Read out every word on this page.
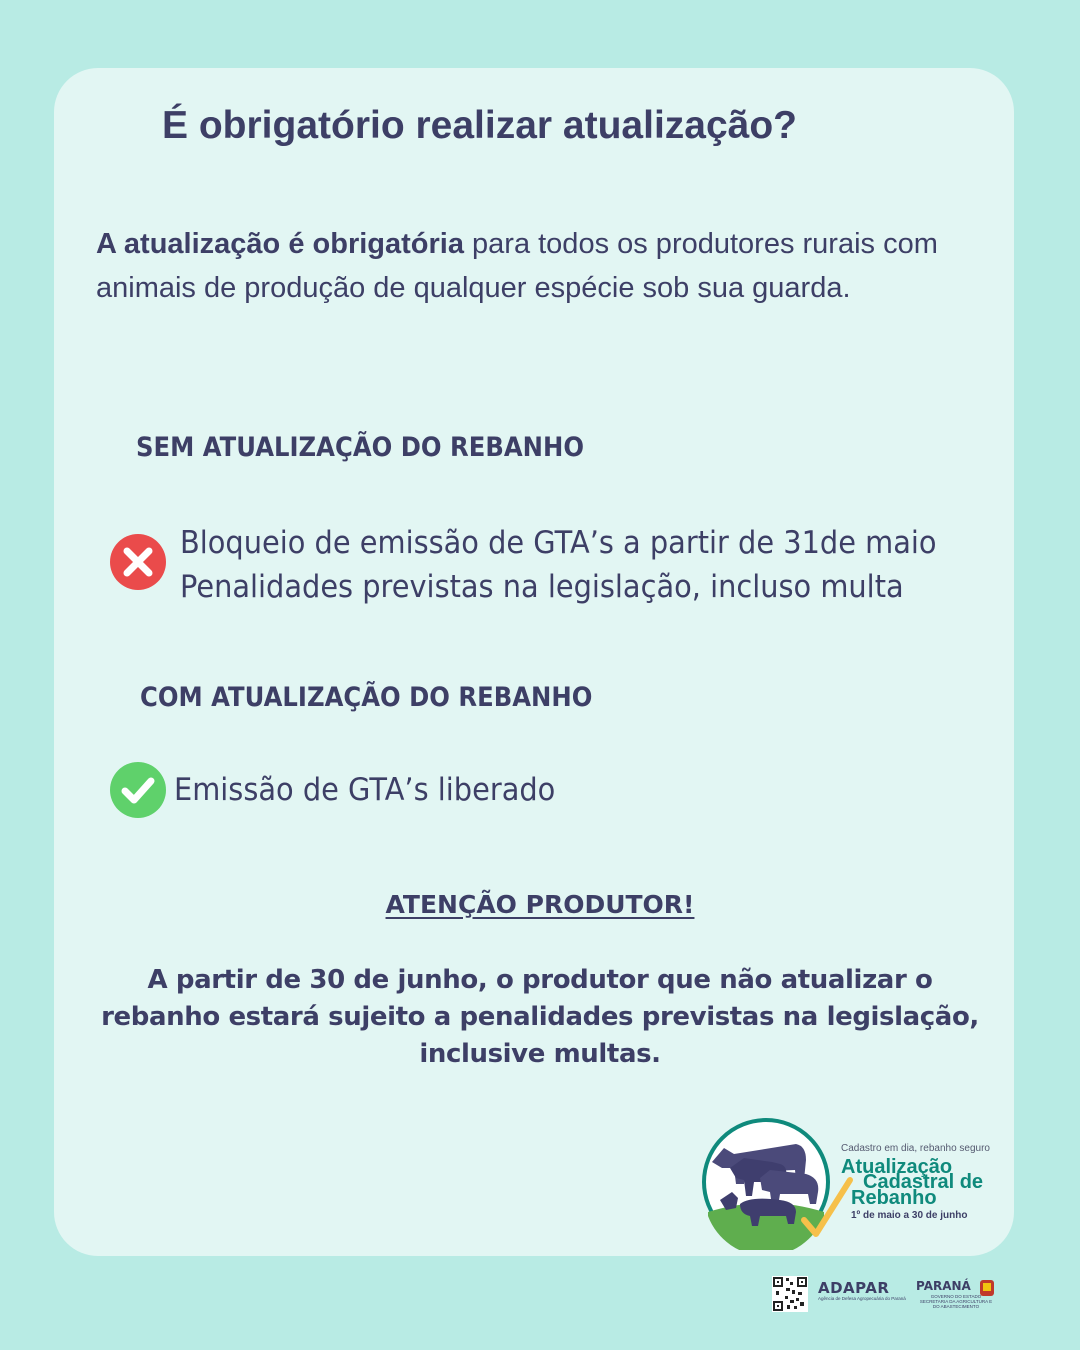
É obrigatório realizar atualização?

A atualização é obrigatória para todos os produtores rurais com animais de produção de qualquer espécie sob sua guarda.

SEM ATUALIZAÇÃO DO REBANHO

Bloqueio de emissão de GTA’s a partir de 31de maio

Penalidades previstas na legislação, incluso multa

COM ATUALIZAÇÃO DO REBANHO

Emissão de GTA’s liberado

ATENÇÃO PRODUTOR!

A partir de 30 de junho, o produtor que não atualizar o rebanho estará sujeito a penalidades previstas na legislação, inclusive multas.

Cadastro em dia, rebanho seguro

Atualização

Cadastral de

Rebanho

1º de maio a 30 de junho

ADAPAR

Agência de Defesa Agropecuária do Paraná

PARANÁ

GOVERNO DO ESTADO SECRETARIA DA AGRICULTURA E DO ABASTECIMENTO
